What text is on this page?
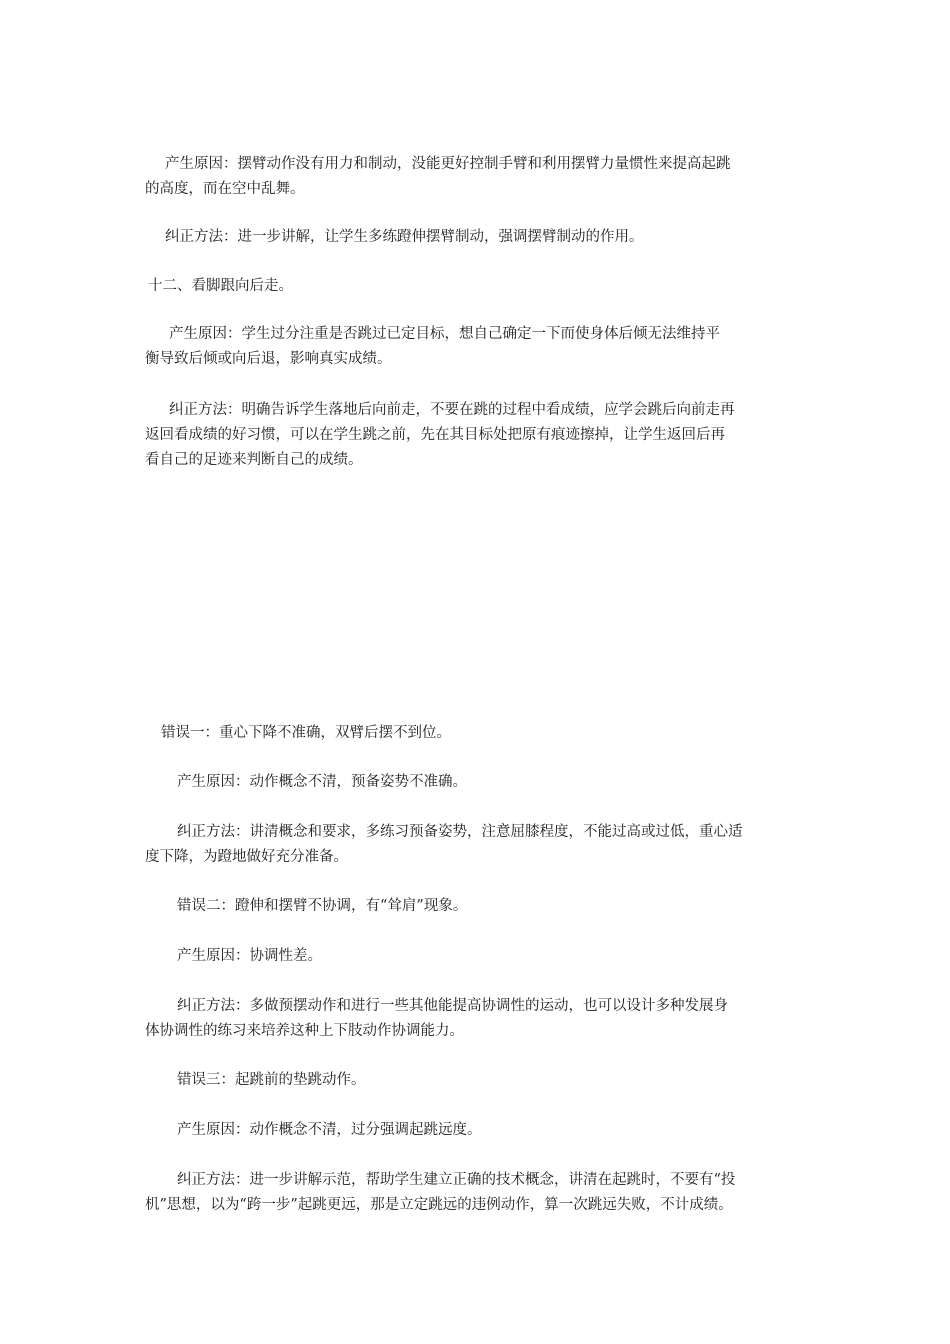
产生原因：摆臂动作没有用力和制动，没能更好控制手臂和利用摆臂力量惯性来提高起跳
的高度，而在空中乱舞。
纠正方法：进一步讲解，让学生多练蹬伸摆臂制动，强调摆臂制动的作用。
十二、看脚跟向后走。
产生原因：学生过分注重是否跳过已定目标，想自己确定一下而使身体后倾无法维持平
衡导致后倾或向后退，影响真实成绩。
纠正方法：明确告诉学生落地后向前走，不要在跳的过程中看成绩，应学会跳后向前走再
返回看成绩的好习惯，可以在学生跳之前，先在其目标处把原有痕迹擦掉，让学生返回后再
看自己的足迹来判断自己的成绩。
错误一：重心下降不准确，双臂后摆不到位。
产生原因：动作概念不清，预备姿势不准确。
纠正方法：讲清概念和要求，多练习预备姿势，注意屈膝程度，不能过高或过低，重心适
度下降，为蹬地做好充分准备。
错误二：蹬伸和摆臂不协调，有“耸肩”现象。
产生原因：协调性差。
纠正方法：多做预摆动作和进行一些其他能提高协调性的运动，也可以设计多种发展身
体协调性的练习来培养这种上下肢动作协调能力。
错误三：起跳前的垫跳动作。
产生原因：动作概念不清，过分强调起跳远度。
纠正方法：进一步讲解示范，帮助学生建立正确的技术概念，讲清在起跳时，不要有“投
机”思想，以为“跨一步”起跳更远，那是立定跳远的违例动作，算一次跳远失败，不计成绩。
